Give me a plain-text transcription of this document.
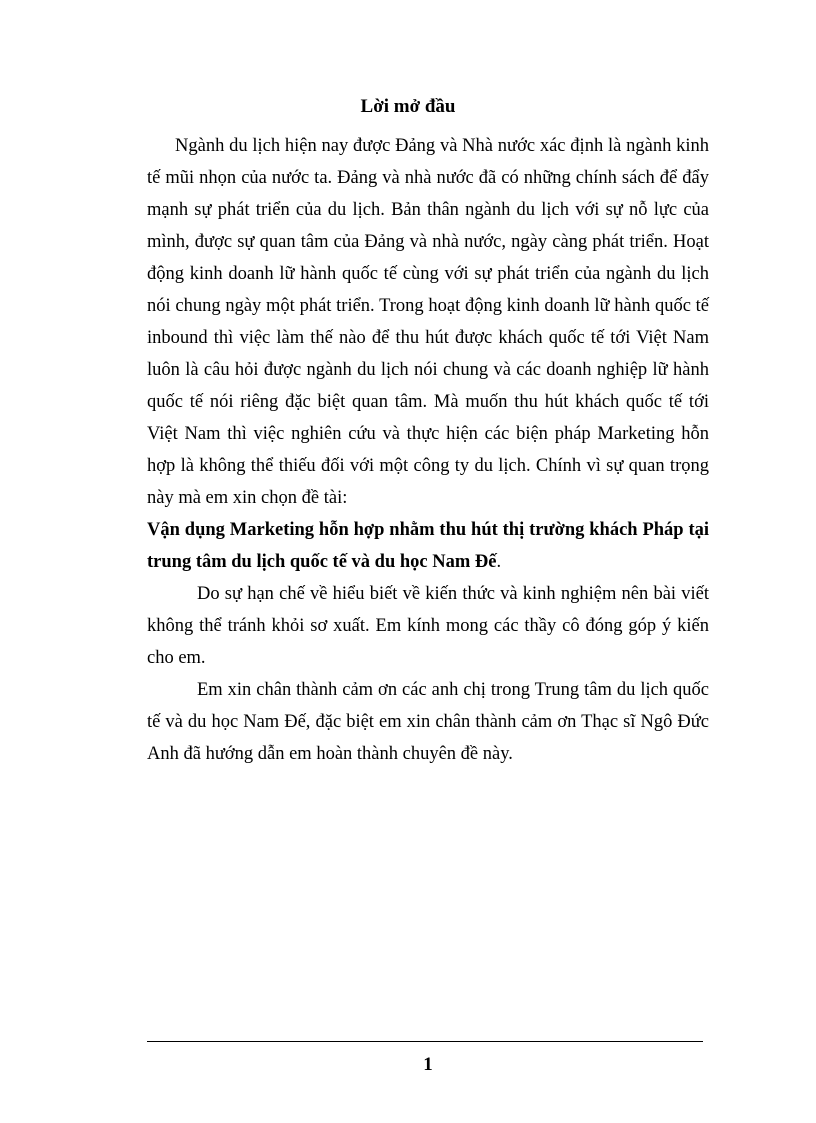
Lời mở đầu

Ngành du lịch hiện nay được Đảng và Nhà nước xác định là ngành kinh tế mũi nhọn của nước ta. Đảng và nhà nước đã có những chính sách để đẩy mạnh sự phát triển của du lịch. Bản thân ngành du lịch với sự nỗ lực của mình, được sự quan tâm của Đảng và nhà nước, ngày càng phát triển. Hoạt động kinh doanh lữ hành quốc tế cùng với sự phát triển của ngành du lịch nói chung ngày một phát triển. Trong hoạt động kinh doanh lữ hành quốc tế inbound thì việc làm thế nào để thu hút được khách quốc tế tới Việt Nam luôn là câu hỏi được ngành du lịch nói chung và các doanh nghiệp lữ hành quốc tế nói riêng đặc biệt quan tâm. Mà muốn thu hút khách quốc tế tới Việt Nam thì việc nghiên cứu và thực hiện các biện pháp Marketing hỗn hợp là không thể thiếu đối với một công ty du lịch. Chính vì sự quan trọng này mà em xin chọn đề tài:
Vận dụng Marketing hỗn hợp nhằm thu hút thị trường khách Pháp tại trung tâm du lịch quốc tế và du học Nam Đế.

Do sự hạn chế về hiểu biết về kiến thức và kinh nghiệm nên bài viết không thể tránh khỏi sơ xuất. Em kính mong các thầy cô đóng góp ý kiến cho em.

Em xin chân thành cảm ơn các anh chị trong Trung tâm du lịch quốc tế và du học Nam Đế, đặc biệt em xin chân thành cảm ơn Thạc sĩ Ngô Đức Anh đã hướng dẫn em hoàn thành chuyên đề này.

1
